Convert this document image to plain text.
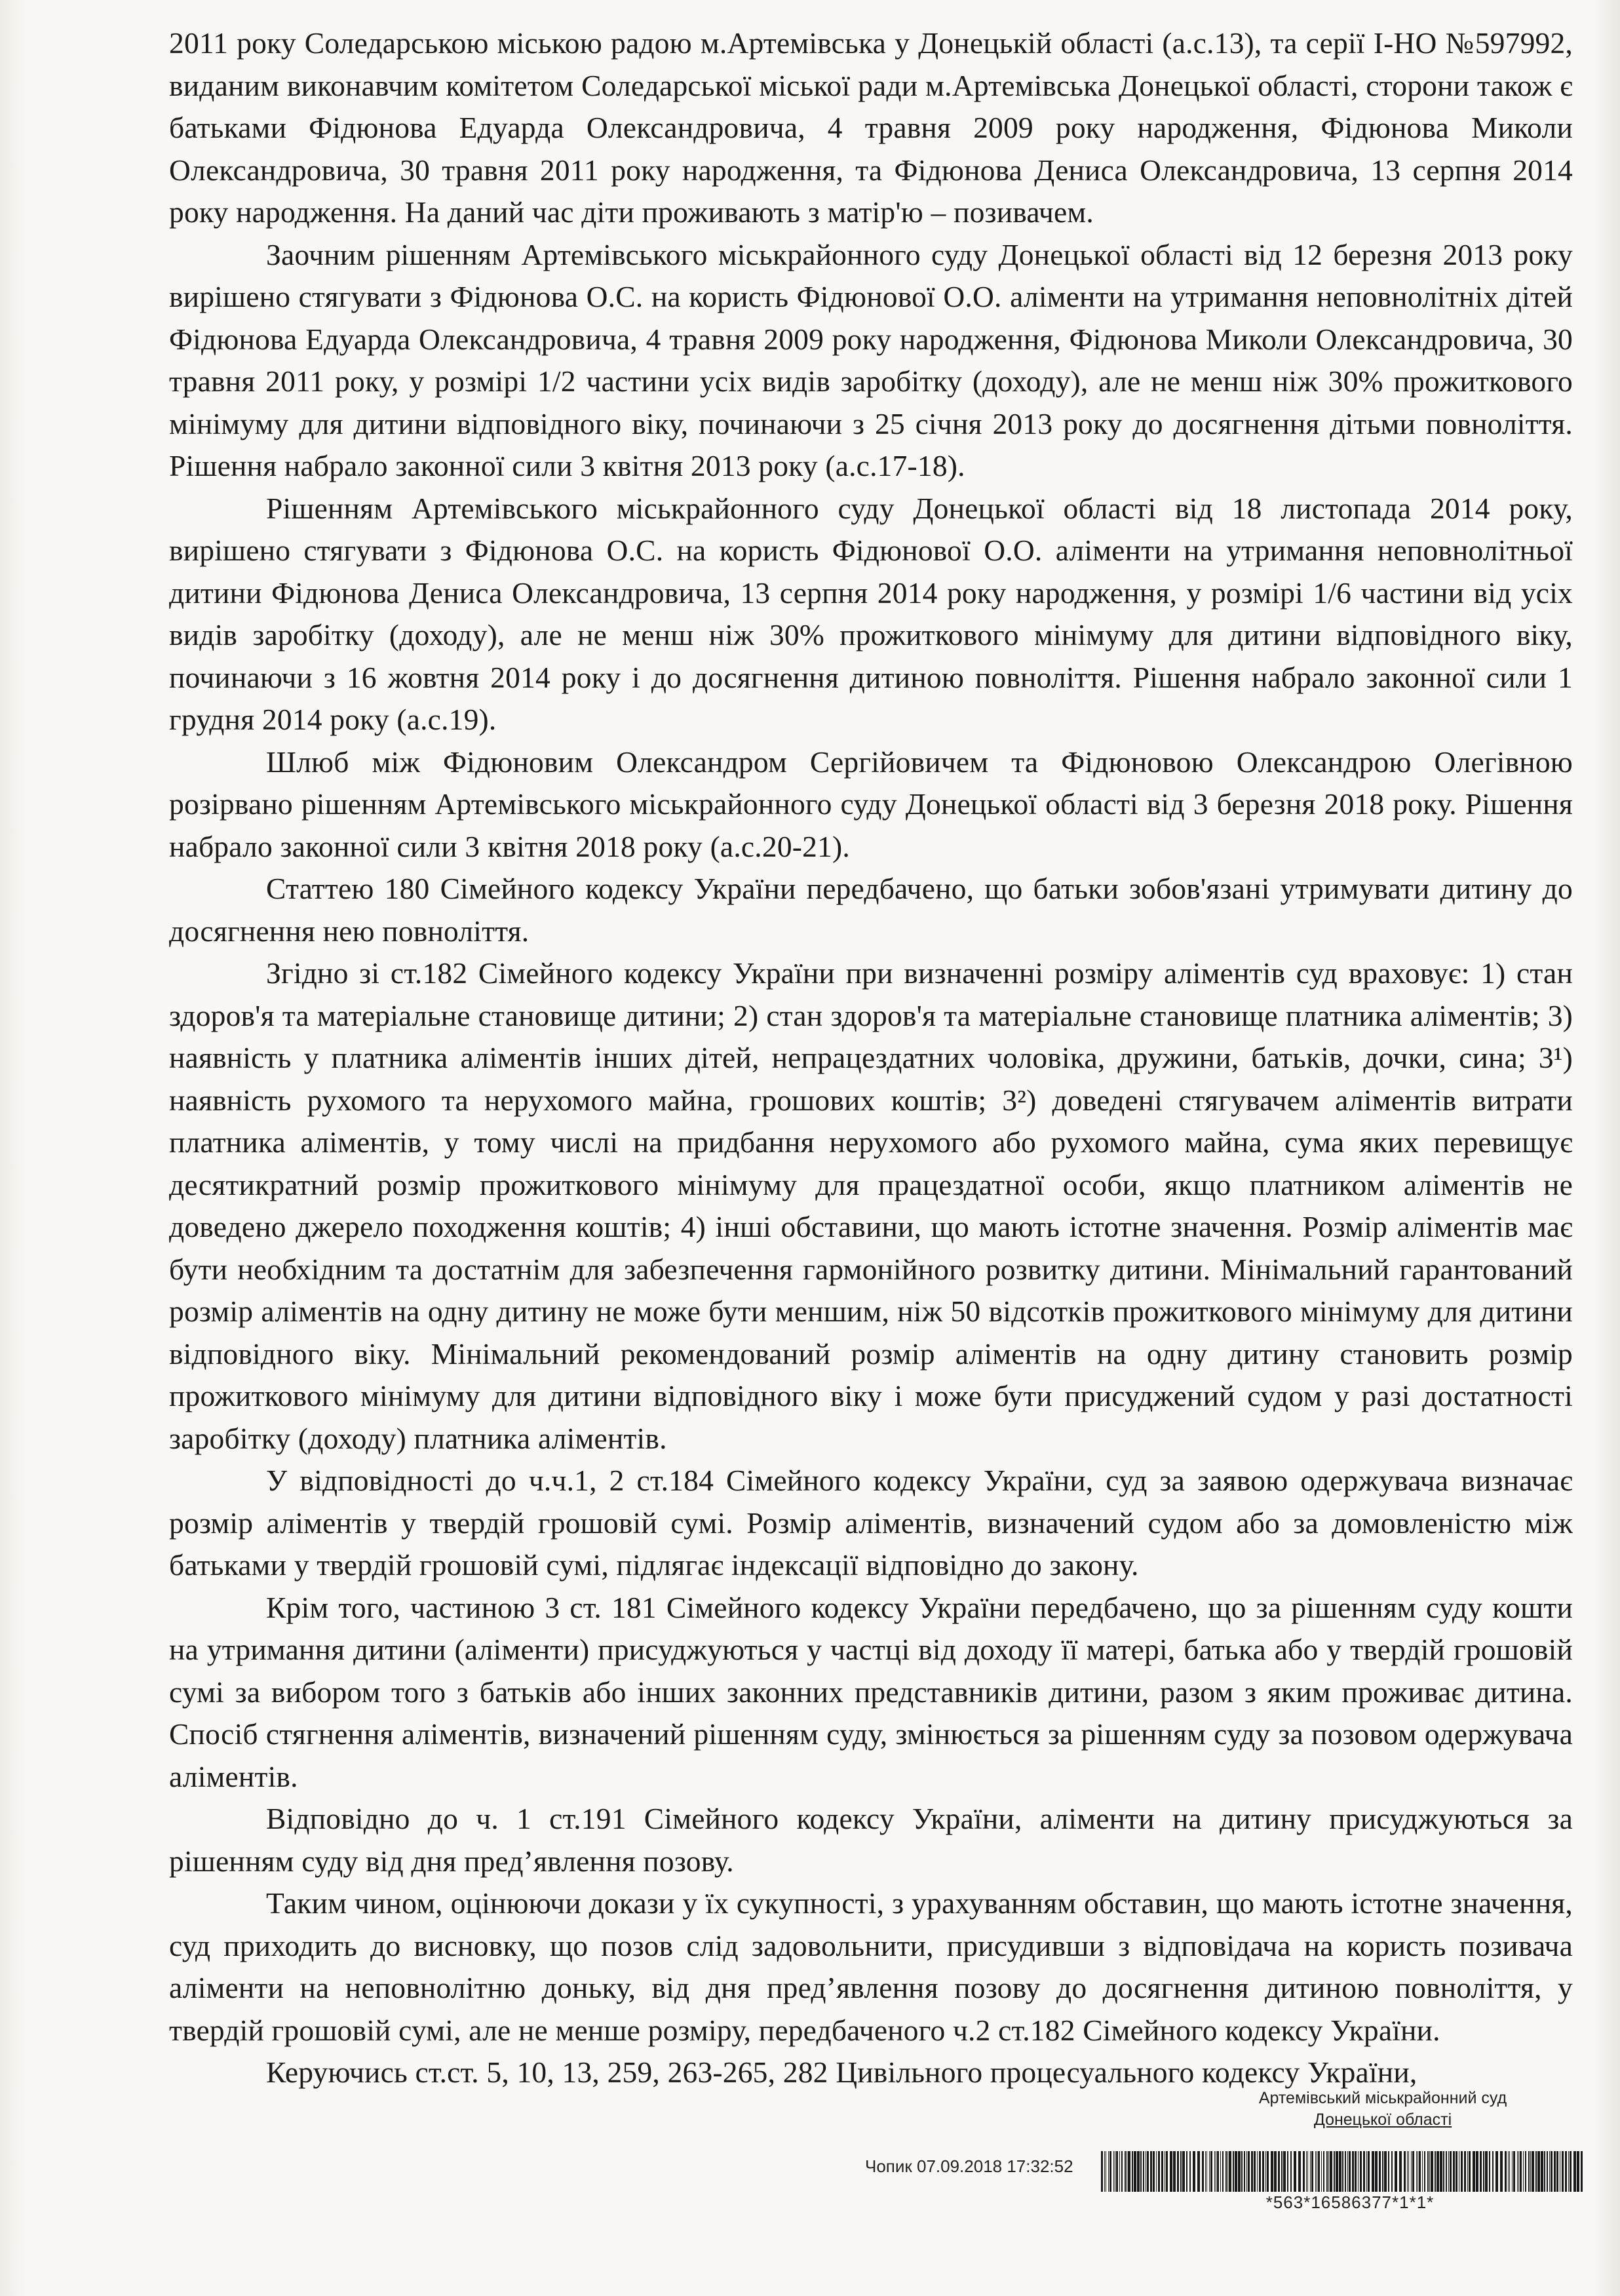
2011 року Соледарською міською радою м.Артемівська у Донецькій області (а.с.13), та серії І-НО №597992, виданим виконавчим комітетом Соледарської міської ради м.Артемівська Донецької області, сторони також є батьками Фідюнова Едуарда Олександровича, 4 травня 2009 року народження, Фідюнова Миколи Олександровича, 30 травня 2011 року народження, та Фідюнова Дениса Олександровича, 13 серпня 2014 року народження. На даний час діти проживають з матір'ю – позивачем.

Заочним рішенням Артемівського міськрайонного суду Донецької області від 12 березня 2013 року вирішено стягувати з Фідюнова О.С. на користь Фідюнової О.О. аліменти на утримання неповнолітніх дітей Фідюнова Едуарда Олександровича, 4 травня 2009 року народження, Фідюнова Миколи Олександровича, 30 травня 2011 року, у розмірі 1/2 частини усіх видів заробітку (доходу), але не менш ніж 30% прожиткового мінімуму для дитини відповідного віку, починаючи з 25 січня 2013 року до досягнення дітьми повноліття. Рішення набрало законної сили 3 квітня 2013 року (а.с.17-18).

Рішенням Артемівського міськрайонного суду Донецької області від 18 листопада 2014 року, вирішено стягувати з Фідюнова О.С. на користь Фідюнової О.О. аліменти на утримання неповнолітньої дитини Фідюнова Дениса Олександровича, 13 серпня 2014 року народження, у розмірі 1/6 частини від усіх видів заробітку (доходу), але не менш ніж 30% прожиткового мінімуму для дитини відповідного віку, починаючи з 16 жовтня 2014 року і до досягнення дитиною повноліття. Рішення набрало законної сили 1 грудня 2014 року (а.с.19).

Шлюб між Фідюновим Олександром Сергійовичем та Фідюновою Олександрою Олегівною розірвано рішенням Артемівського міськрайонного суду Донецької області від 3 березня 2018 року. Рішення набрало законної сили 3 квітня 2018 року (а.с.20-21).

Статтею 180 Сімейного кодексу України передбачено, що батьки зобов'язані утримувати дитину до досягнення нею повноліття.

Згідно зі ст.182 Сімейного кодексу України при визначенні розміру аліментів суд враховує: 1) стан здоров'я та матеріальне становище дитини; 2) стан здоров'я та матеріальне становище платника аліментів; 3) наявність у платника аліментів інших дітей, непрацездатних чоловіка, дружини, батьків, дочки, сина; 3¹) наявність рухомого та нерухомого майна, грошових коштів; 3²) доведені стягувачем аліментів витрати платника аліментів, у тому числі на придбання нерухомого або рухомого майна, сума яких перевищує десятикратний розмір прожиткового мінімуму для працездатної особи, якщо платником аліментів не доведено джерело походження коштів; 4) інші обставини, що мають істотне значення. Розмір аліментів має бути необхідним та достатнім для забезпечення гармонійного розвитку дитини. Мінімальний гарантований розмір аліментів на одну дитину не може бути меншим, ніж 50 відсотків прожиткового мінімуму для дитини відповідного віку. Мінімальний рекомендований розмір аліментів на одну дитину становить розмір прожиткового мінімуму для дитини відповідного віку і може бути присуджений судом у разі достатності заробітку (доходу) платника аліментів.

У відповідності до ч.ч.1, 2 ст.184 Сімейного кодексу України, суд за заявою одержувача визначає розмір аліментів у твердій грошовій сумі. Розмір аліментів, визначений судом або за домовленістю між батьками у твердій грошовій сумі, підлягає індексації відповідно до закону.

Крім того, частиною 3 ст. 181 Сімейного кодексу України передбачено, що за рішенням суду кошти на утримання дитини (аліменти) присуджуються у частці від доходу її матері, батька або у твердій грошовій сумі за вибором того з батьків або інших законних представників дитини, разом з яким проживає дитина. Спосіб стягнення аліментів, визначений рішенням суду, змінюється за рішенням суду за позовом одержувача аліментів.

Відповідно до ч. 1 ст.191 Сімейного кодексу України, аліменти на дитину присуджуються за рішенням суду від дня пред’явлення позову.

Таким чином, оцінюючи докази у їх сукупності, з урахуванням обставин, що мають істотне значення, суд приходить до висновку, що позов слід задовольнити, присудивши з відповідача на користь позивача аліменти на неповнолітню доньку, від дня пред’явлення позову до досягнення дитиною повноліття, у твердій грошовій сумі, але не менше розміру, передбаченого ч.2 ст.182 Сімейного кодексу України.

Керуючись ст.ст. 5, 10, 13, 259, 263-265, 282 Цивільного процесуального кодексу України,

Артемівський міськрайонний суд
Донецької області
Чопик 07.09.2018 17:32:52
*563*16586377*1*1*
